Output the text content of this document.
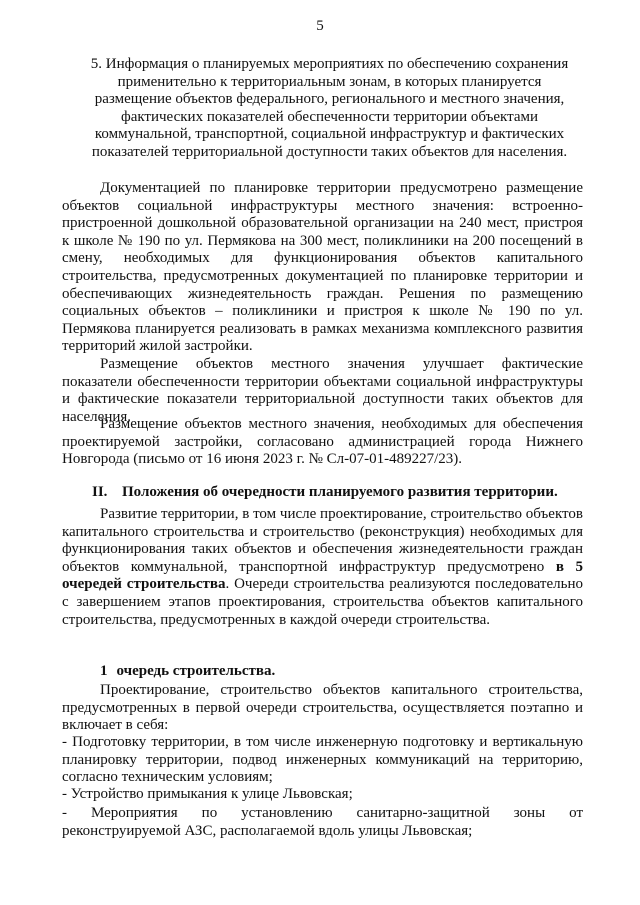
5
5. Информация о планируемых мероприятиях по обеспечению сохранения применительно к территориальным зонам, в которых планируется размещение объектов федерального, регионального и местного значения, фактических показателей обеспеченности территории объектами коммунальной, транспортной, социальной инфраструктур и фактических показателей территориальной доступности таких объектов для населения.

Документацией по планировке территории предусмотрено размещение объектов социальной инфраструктуры местного значения: встроенно-пристроенной дошкольной образовательной организации на 240 мест, пристроя к школе № 190 по ул. Пермякова на 300 мест, поликлиники на 200 посещений в смену, необходимых для функционирования объектов капитального строительства, предусмотренных документацией по планировке территории и обеспечивающих жизнедеятельность граждан. Решения по размещению социальных объектов – поликлиники и пристроя к школе № 190 по ул. Пермякова планируется реализовать в рамках механизма комплексного развития территорий жилой застройки.

Размещение объектов местного значения улучшает фактические показатели обеспеченности территории объектами социальной инфраструктуры и фактические показатели территориальной доступности таких объектов для населения.

Размещение объектов местного значения, необходимых для обеспечения проектируемой застройки, согласовано администрацией города Нижнего Новгорода (письмо от 16 июня 2023 г. № Сл-07-01-489227/23).

II. Положения об очередности планируемого развития территории.

Развитие территории, в том числе проектирование, строительство объектов капитального строительства и строительство (реконструкция) необходимых для функционирования таких объектов и обеспечения жизнедеятельности граждан объектов коммунальной, транспортной инфраструктур предусмотрено в 5 очередей строительства. Очереди строительства реализуются последовательно с завершением этапов проектирования, строительства объектов капитального строительства, предусмотренных в каждой очереди строительства.

1 очередь строительства.

Проектирование, строительство объектов капитального строительства, предусмотренных в первой очереди строительства, осуществляется поэтапно и включает в себя:

- Подготовку территории, в том числе инженерную подготовку и вертикальную планировку территории, подвод инженерных коммуникаций на территорию, согласно техническим условиям;

- Устройство примыкания к улице Львовская;

- Мероприятия по установлению санитарно-защитной зоны от реконструируемой АЗС, располагаемой вдоль улицы Львовская;
